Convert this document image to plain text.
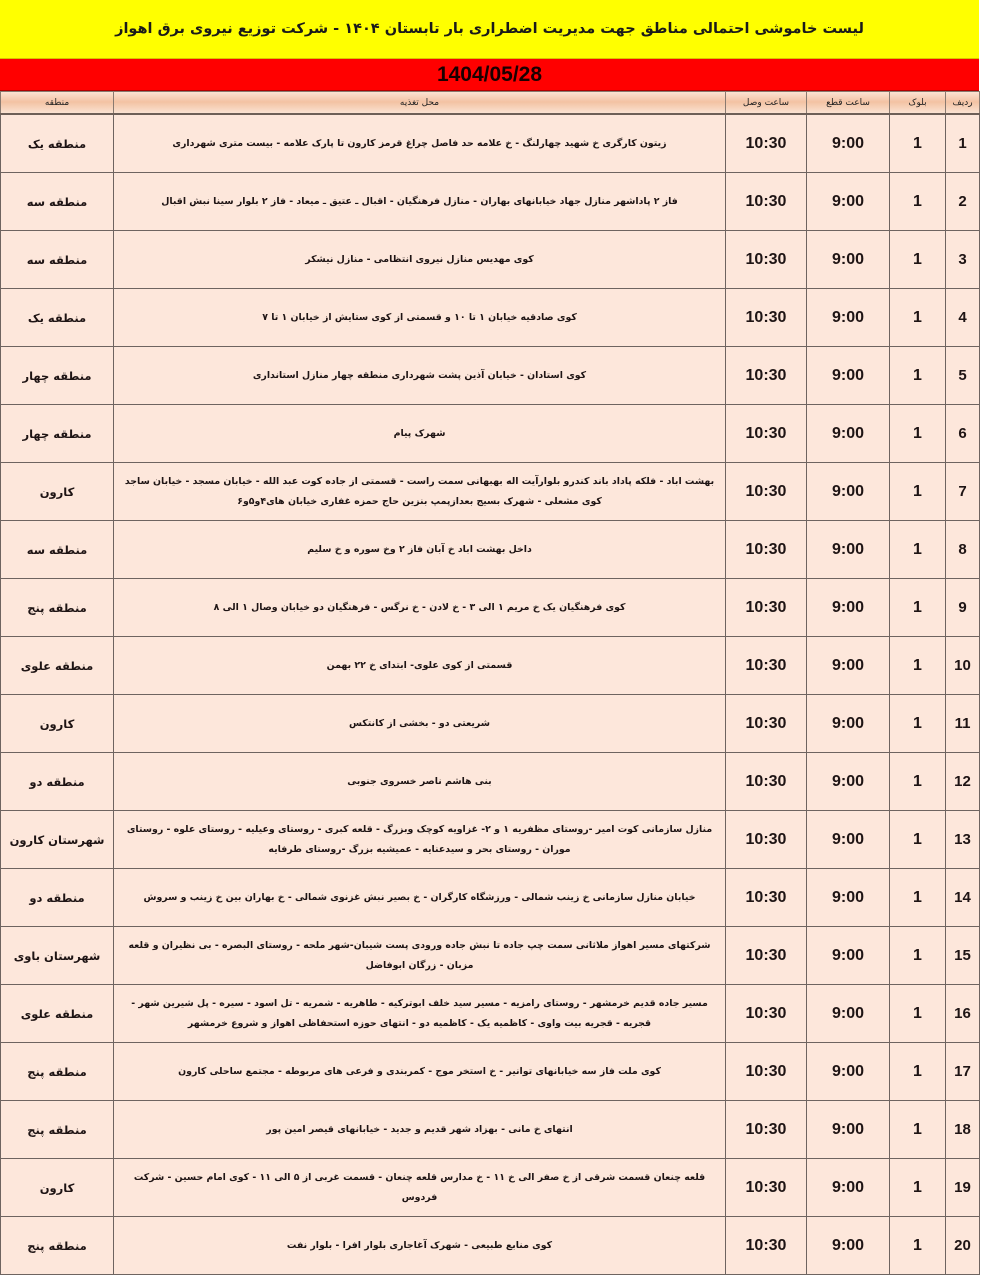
لیست خاموشی احتمالی مناطق جهت مدیریت اضطراری بار تابستان ۱۴۰۴ - شرکت توزیع نیروی برق اهواز
1404/05/28
ردیف	بلوک	ساعت قطع	ساعت وصل	محل تغذیه	منطقه
1	1	9:00	10:30	زیتون کارگری خ شهید چهارلنگ - خ علامه حد فاصل چراغ قرمز کارون تا پارک علامه - بیست متری شهرداری	منطقه یک
2	1	9:00	10:30	فاز ۲ پاداشهر منازل جهاد خیابانهای بهاران - منازل فرهنگیان - اقبال ـ عتیق ـ میعاد - فاز ۲ بلوار سینا نبش اقبال	منطقه سه
3	1	9:00	10:30	کوی مهدیس منازل نیروی انتظامی - منازل نیشکر	منطقه سه
4	1	9:00	10:30	کوی صادقیه خیابان ۱ تا ۱۰ و قسمتی از کوی ستایش از خیابان ۱ تا ۷	منطقه یک
5	1	9:00	10:30	کوی استادان - خیابان آذین پشت شهرداری منطقه چهار منازل استانداری	منطقه چهار
6	1	9:00	10:30	شهرک پیام	منطقه چهار
7	1	9:00	10:30	بهشت اباد - فلکه پاداد باند کندرو بلوارآیت اله بهبهانی سمت راست - قسمتی از جاده کوت عبد الله - خیابان مسجد - خیابان ساجد کوی مشعلی - شهرک بسیج بعدازپمپ بنزین حاج حمزه غفاری خیابان های۴و۵و۶	کارون
8	1	9:00	10:30	داخل بهشت اباد خ آبان فاز ۲ وخ سوره و خ سلیم	منطقه سه
9	1	9:00	10:30	کوی فرهنگیان یک خ مریم ۱ الی ۳ - خ لادن - خ نرگس - فرهنگیان دو خیابان وصال ۱ الی ۸	منطقه پنج
10	1	9:00	10:30	قسمتی از کوی علوی- ابتدای خ ۲۲ بهمن	منطقه علوی
11	1	9:00	10:30	شریعتی دو - بخشی از کانتکس	کارون
12	1	9:00	10:30	بنی هاشم ناصر خسروی جنوبی	منطقه دو
13	1	9:00	10:30	منازل سازمانی کوت امیر -روستای مظفریه ۱ و ۲- غزاویه کوچک وبزرگ - قلعه کبری - روستای وعیلیه - روستای علوه - روستای موران - روستای بحر و سیدعنایه - عمیشیه بزرگ -روستای طرفایه	شهرستان کارون
14	1	9:00	10:30	خیابان منازل سازمانی خ زینب شمالی - ورزشگاه کارگران - خ بصیر نبش غزنوی شمالی - خ بهاران بین خ زینب و سروش	منطقه دو
15	1	9:00	10:30	شرکتهای مسیر اهواز ملاثانی سمت چپ جاده تا نبش جاده ورودی پست شیبان-شهر ملحه - روستای البصره - بی نظیران و قلعه مزبان - زرگان ابوفاضل	شهرستان باوی
16	1	9:00	10:30	مسیر جاده قدیم خرمشهر - روستای رامزیه - مسیر سید خلف ابوترکیه - طاهریه - شمریه - تل اسود - سیره - پل شیرین شهر - قجریه - قجریه بیت واوی - کاظمیه یک - کاظمیه دو - انتهای حوزه استحفاظی اهواز و شروع خرمشهر	منطقه علوی
17	1	9:00	10:30	کوی ملت فاز سه خیابانهای توانیر - خ استخر موج - کمربندی و فرعی های مربوطه - مجتمع ساحلی کارون	منطقه پنج
18	1	9:00	10:30	انتهای خ مانی - بهزاد شهر قدیم و جدید - خیابانهای قیصر امین پور	منطقه پنج
19	1	9:00	10:30	قلعه چنعان قسمت شرقی از خ صفر الی خ ۱۱ - خ مدارس قلعه چنعان - قسمت غربی از ۵ الی ۱۱ - کوی امام حسین - شرکت فردوس	کارون
20	1	9:00	10:30	کوی منابع طبیعی - شهرک آغاجاری بلوار افرا - بلوار نفت	منطقه پنج
